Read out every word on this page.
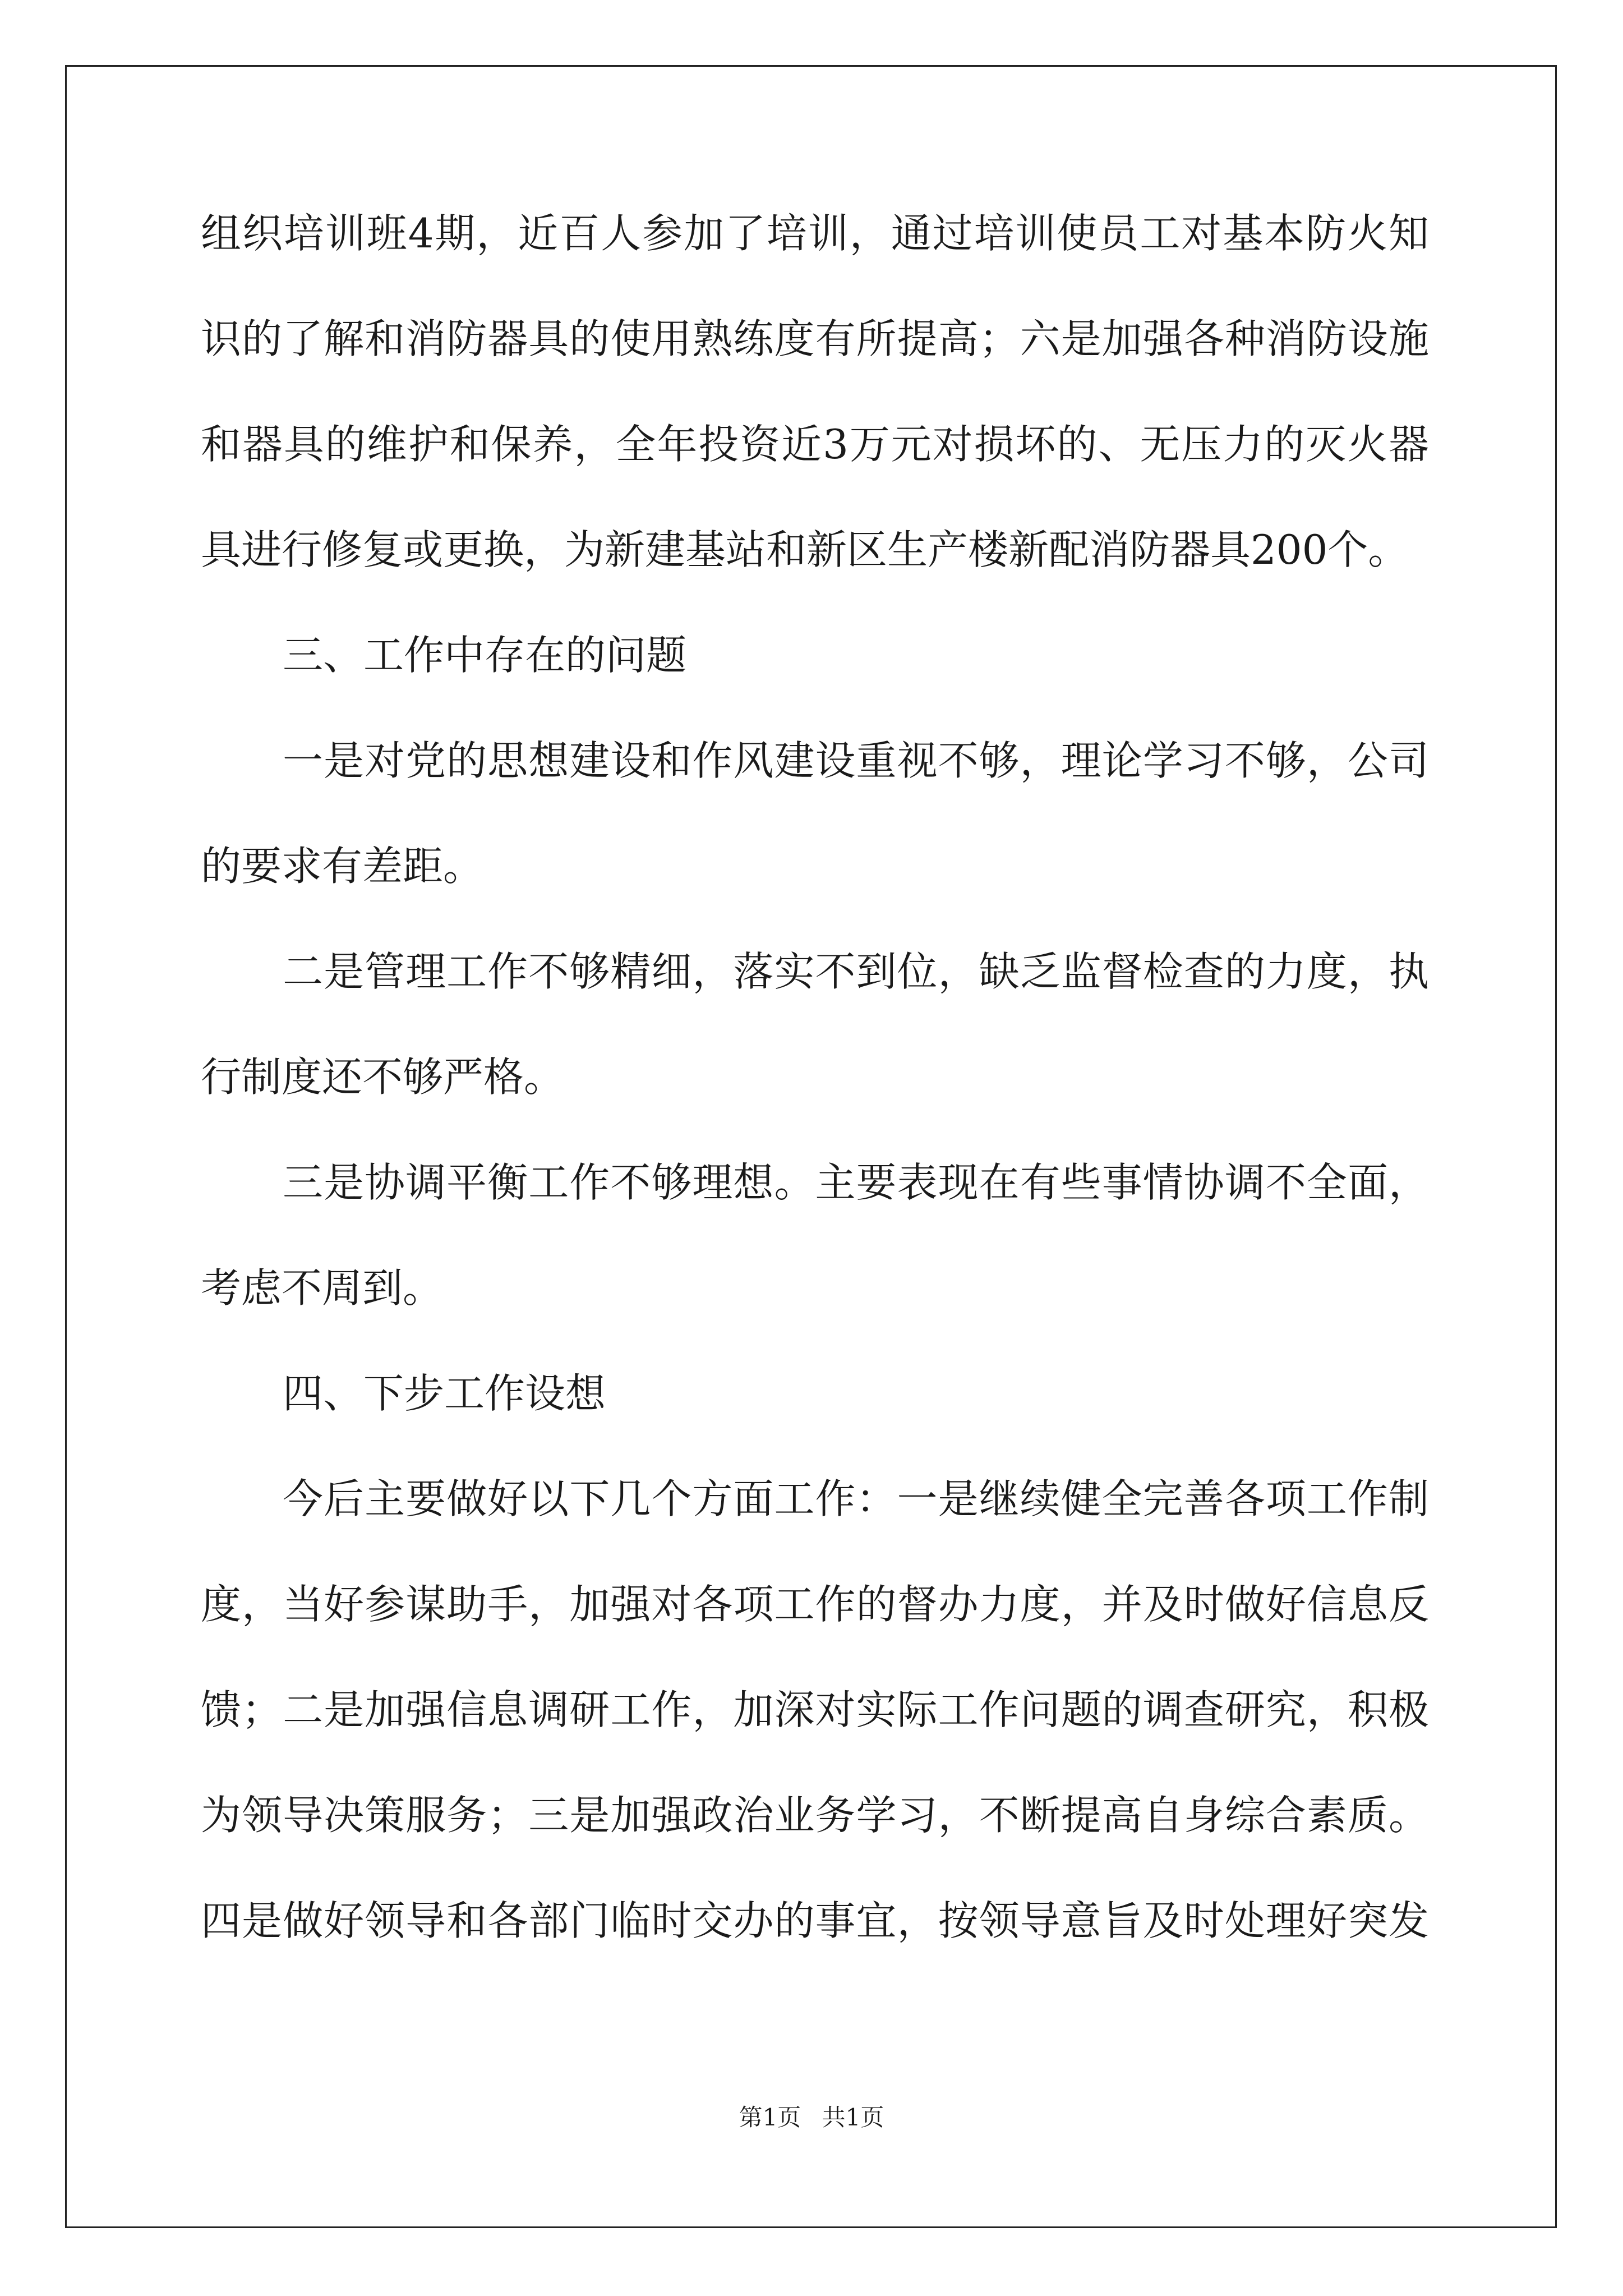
组织培训班4期，近百人参加了培训，通过培训使员工对基本防火知
识的了解和消防器具的使用熟练度有所提高；六是加强各种消防设施
和器具的维护和保养，全年投资近3万元对损坏的、无压力的灭火器
具进行修复或更换，为新建基站和新区生产楼新配消防器具200个。
三、工作中存在的问题
一是对党的思想建设和作风建设重视不够，理论学习不够，公司
的要求有差距。
二是管理工作不够精细，落实不到位，缺乏监督检查的力度，执
行制度还不够严格。
三是协调平衡工作不够理想。主要表现在有些事情协调不全面，
考虑不周到。
四、下步工作设想
今后主要做好以下几个方面工作：一是继续健全完善各项工作制
度，当好参谋助手，加强对各项工作的督办力度，并及时做好信息反
馈；二是加强信息调研工作，加深对实际工作问题的调查研究，积极
为领导决策服务；三是加强政治业务学习，不断提高自身综合素质。
四是做好领导和各部门临时交办的事宜，按领导意旨及时处理好突发
第1页 共1页
